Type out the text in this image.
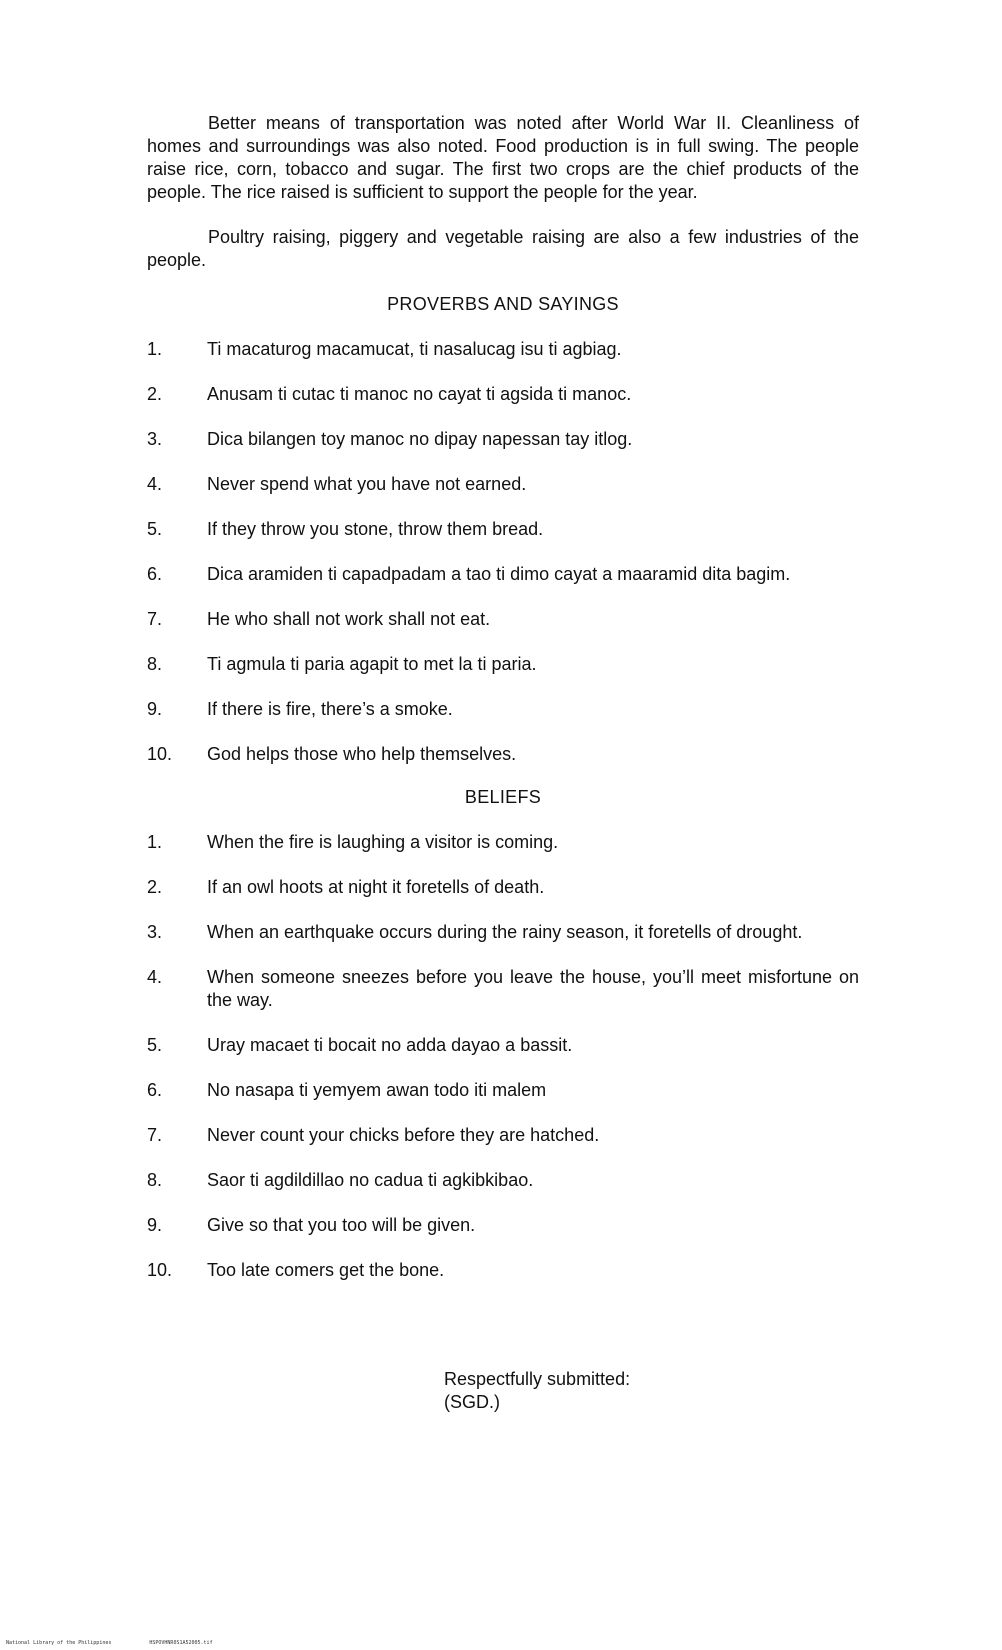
Better means of transportation was noted after World War II. Cleanliness of homes and surroundings was also noted. Food production is in full swing. The people raise rice, corn, tobacco and sugar. The first two crops are the chief products of the people. The rice raised is sufficient to support the people for the year.

Poultry raising, piggery and vegetable raising are also a few industries of the people.

PROVERBS AND SAYINGS
1.	Ti macaturog macamucat, ti nasalucag isu ti agbiag.
2.	Anusam ti cutac ti manoc no cayat ti agsida ti manoc.
3.	Dica bilangen toy manoc no dipay napessan tay itlog.
4.	Never spend what you have not earned.
5.	If they throw you stone, throw them bread.
6.	Dica aramiden ti capadpadam a tao ti dimo cayat a maaramid dita bagim.
7.	He who shall not work shall not eat.
8.	Ti agmula ti paria agapit to met la ti paria.
9.	If there is fire, there’s a smoke.
10.	God helps those who help themselves.
BELIEFS
1.	When the fire is laughing a visitor is coming.
2.	If an owl hoots at night it foretells of death.
3.	When an earthquake occurs during the rainy season, it foretells of drought.
4.	When someone sneezes before you leave the house, you’ll meet misfortune on the way.
5.	Uray macaet ti bocait no adda dayao a bassit.
6.	No nasapa ti yemyem awan todo iti malem
7.	Never count your chicks before they are hatched.
8.	Saor ti agdildillao no cadua ti agkibkibao.
9.	Give so that you too will be given.
10.	Too late comers get the bone.
Respectfully submitted:
(SGD.)
National Library of the Philippines	HSPOVHNR0S1A52005.tif
